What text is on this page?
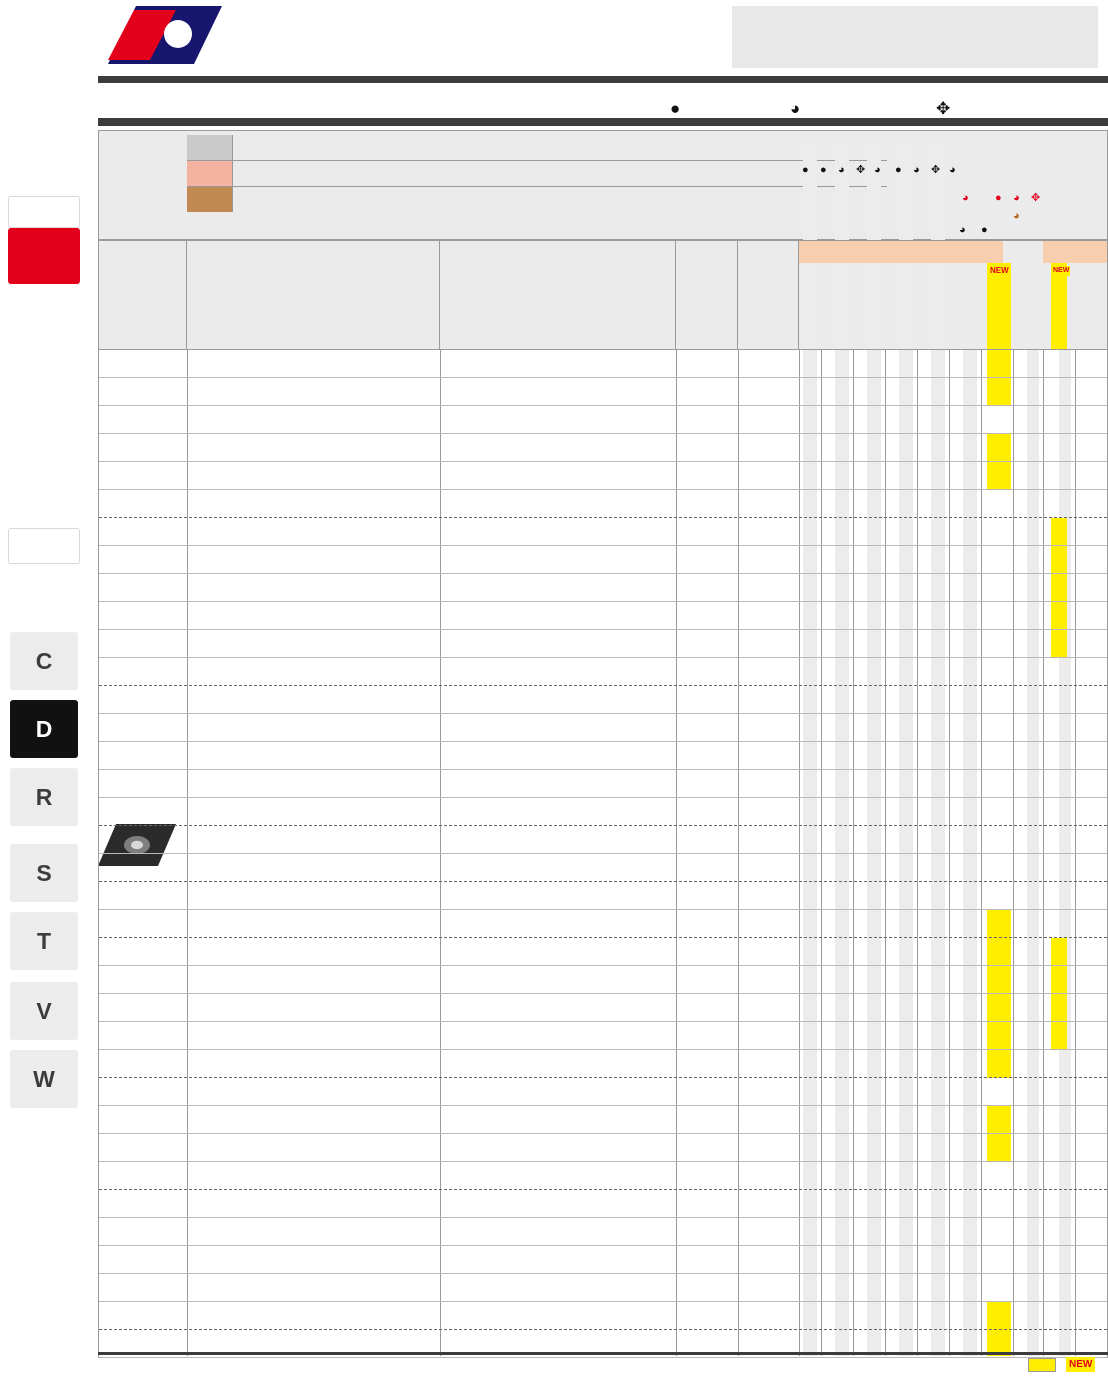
C
D
R
S
T
V
W
●	◕	✥
● ● ◕ ✥ ◕ ● ◕ ✥ ◕
◕ ● ◕ ✥
◕
◕ ●
NEW	NEW
NEW
